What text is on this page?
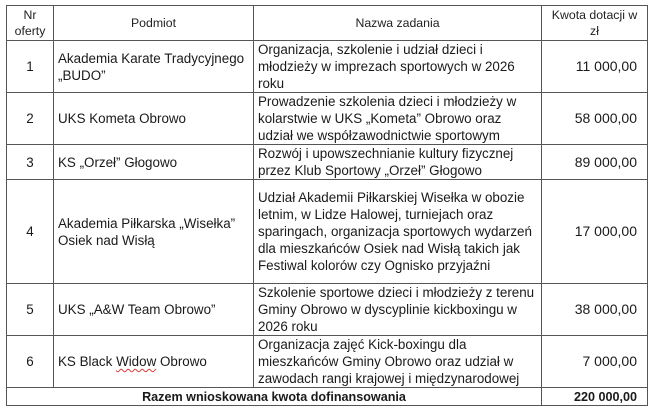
Nr oferty	Podmiot	Nazwa zadania	Kwota dotacji w zł
1	Akademia Karate Tradycyjnego „BUDO”	Organizacja, szkolenie i udział dzieci i młodzieży w imprezach sportowych w 2026 roku	11 000,00
2	UKS Kometa Obrowo	Prowadzenie szkolenia dzieci i młodzieży w kolarstwie w UKS „Kometa” Obrowo oraz udział we współzawodnictwie sportowym	58 000,00
3	KS „Orzeł” Głogowo	Rozwój i upowszechnianie kultury fizycznej przez Klub Sportowy „Orzeł” Głogowo	89 000,00
4	Akademia Piłkarska „Wisełka” Osiek nad Wisłą	Udział Akademii Piłkarskiej Wisełka w obozie letnim, w Lidze Halowej, turniejach oraz sparingach, organizacja sportowych wydarzeń dla mieszkańców Osiek nad Wisłą takich jak Festiwal kolorów czy Ognisko przyjaźni	17 000,00
5	UKS „A&W Team Obrowo”	Szkolenie sportowe dzieci i młodzieży z terenu Gminy Obrowo w dyscyplinie kickboxingu w 2026 roku	38 000,00
6	KS Black Widow Obrowo	Organizacja zajęć Kick-boxingu dla mieszkańców Gminy Obrowo oraz udział w zawodach rangi krajowej i międzynarodowej	7 000,00
Razem wnioskowana kwota dofinansowania			220 000,00
